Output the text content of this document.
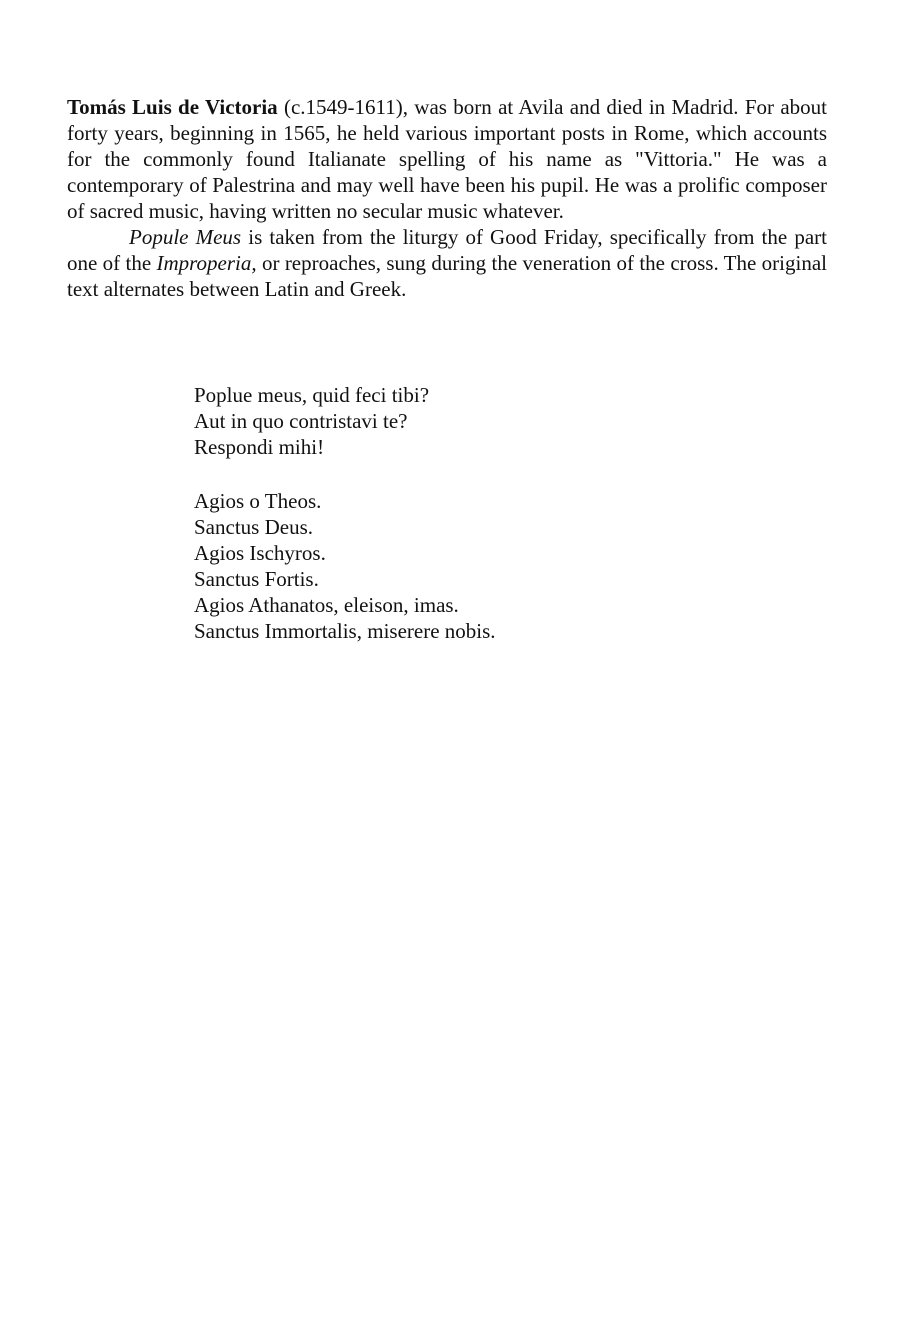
Tomás Luis de Victoria (c.1549-1611), was born at Avila and died in Madrid. For about forty years, beginning in 1565, he held various important posts in Rome, which accounts for the commonly found Italianate spelling of his name as "Vittoria." He was a contemporary of Palestrina and may well have been his pupil. He was a prolific composer of sacred music, having written no secular music whatever.

Popule Meus is taken from the liturgy of Good Friday, specifically from the part one of the Improperia, or reproaches, sung during the veneration of the cross. The original text alternates between Latin and Greek.

Poplue meus, quid feci tibi?
Aut in quo contristavi te?
Respondi mihi!
Agios o Theos.
Sanctus Deus.
Agios Ischyros.
Sanctus Fortis.
Agios Athanatos, eleison, imas.
Sanctus Immortalis, miserere nobis.
